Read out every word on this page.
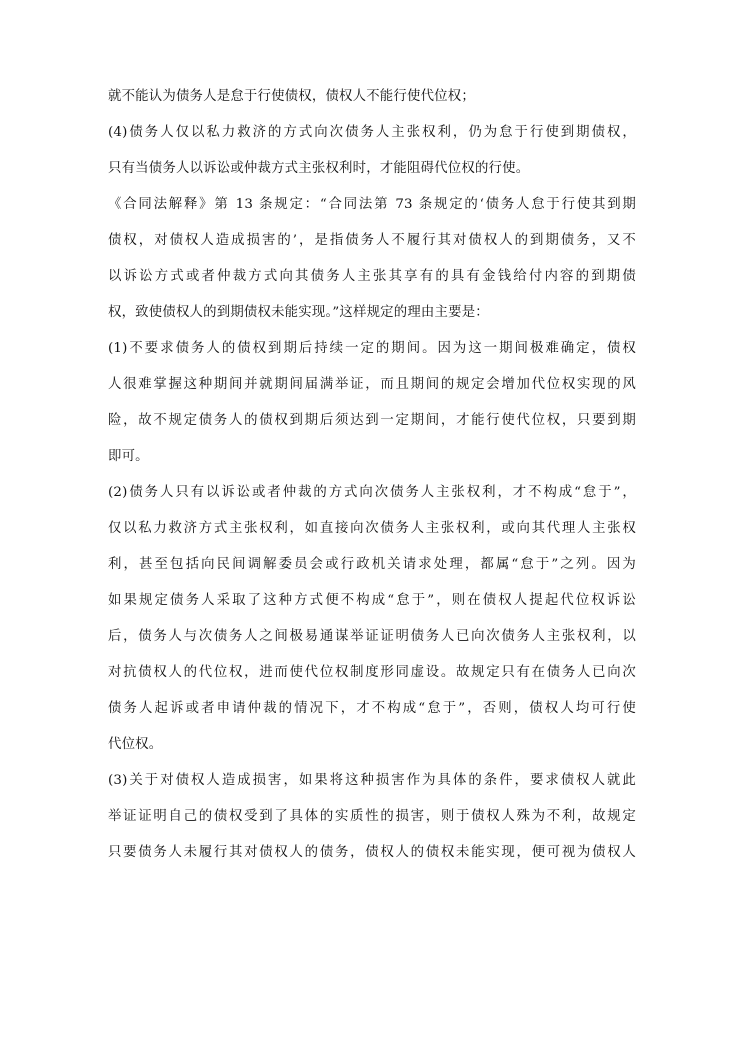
就不能认为债务人是怠于行使债权，债权人不能行使代位权；
(4)债务人仅以私力救济的方式向次债务人主张权利，仍为怠于行使到期债权，
只有当债务人以诉讼或仲裁方式主张权利时，才能阻碍代位权的行使。
《合同法解释》第 13 条规定：“合同法第 73 条规定的‘债务人怠于行使其到期
债权，对债权人造成损害的’，是指债务人不履行其对债权人的到期债务，又不
以诉讼方式或者仲裁方式向其债务人主张其享有的具有金钱给付内容的到期债
权，致使债权人的到期债权未能实现。”这样规定的理由主要是：
(1)不要求债务人的债权到期后持续一定的期间。因为这一期间极难确定，债权
人很难掌握这种期间并就期间届满举证，而且期间的规定会增加代位权实现的风
险，故不规定债务人的债权到期后须达到一定期间，才能行使代位权，只要到期
即可。
(2)债务人只有以诉讼或者仲裁的方式向次债务人主张权利，才不构成“怠于”，
仅以私力救济方式主张权利，如直接向次债务人主张权利，或向其代理人主张权
利，甚至包括向民间调解委员会或行政机关请求处理，都属“怠于”之列。因为
如果规定债务人采取了这种方式便不构成“怠于”，则在债权人提起代位权诉讼
后，债务人与次债务人之间极易通谋举证证明债务人已向次债务人主张权利，以
对抗债权人的代位权，进而使代位权制度形同虚设。故规定只有在债务人已向次
债务人起诉或者申请仲裁的情况下，才不构成“怠于”，否则，债权人均可行使
代位权。
(3)关于对债权人造成损害，如果将这种损害作为具体的条件，要求债权人就此
举证证明自己的债权受到了具体的实质性的损害，则于债权人殊为不利，故规定
只要债务人未履行其对债权人的债务，债权人的债权未能实现，便可视为债权人
